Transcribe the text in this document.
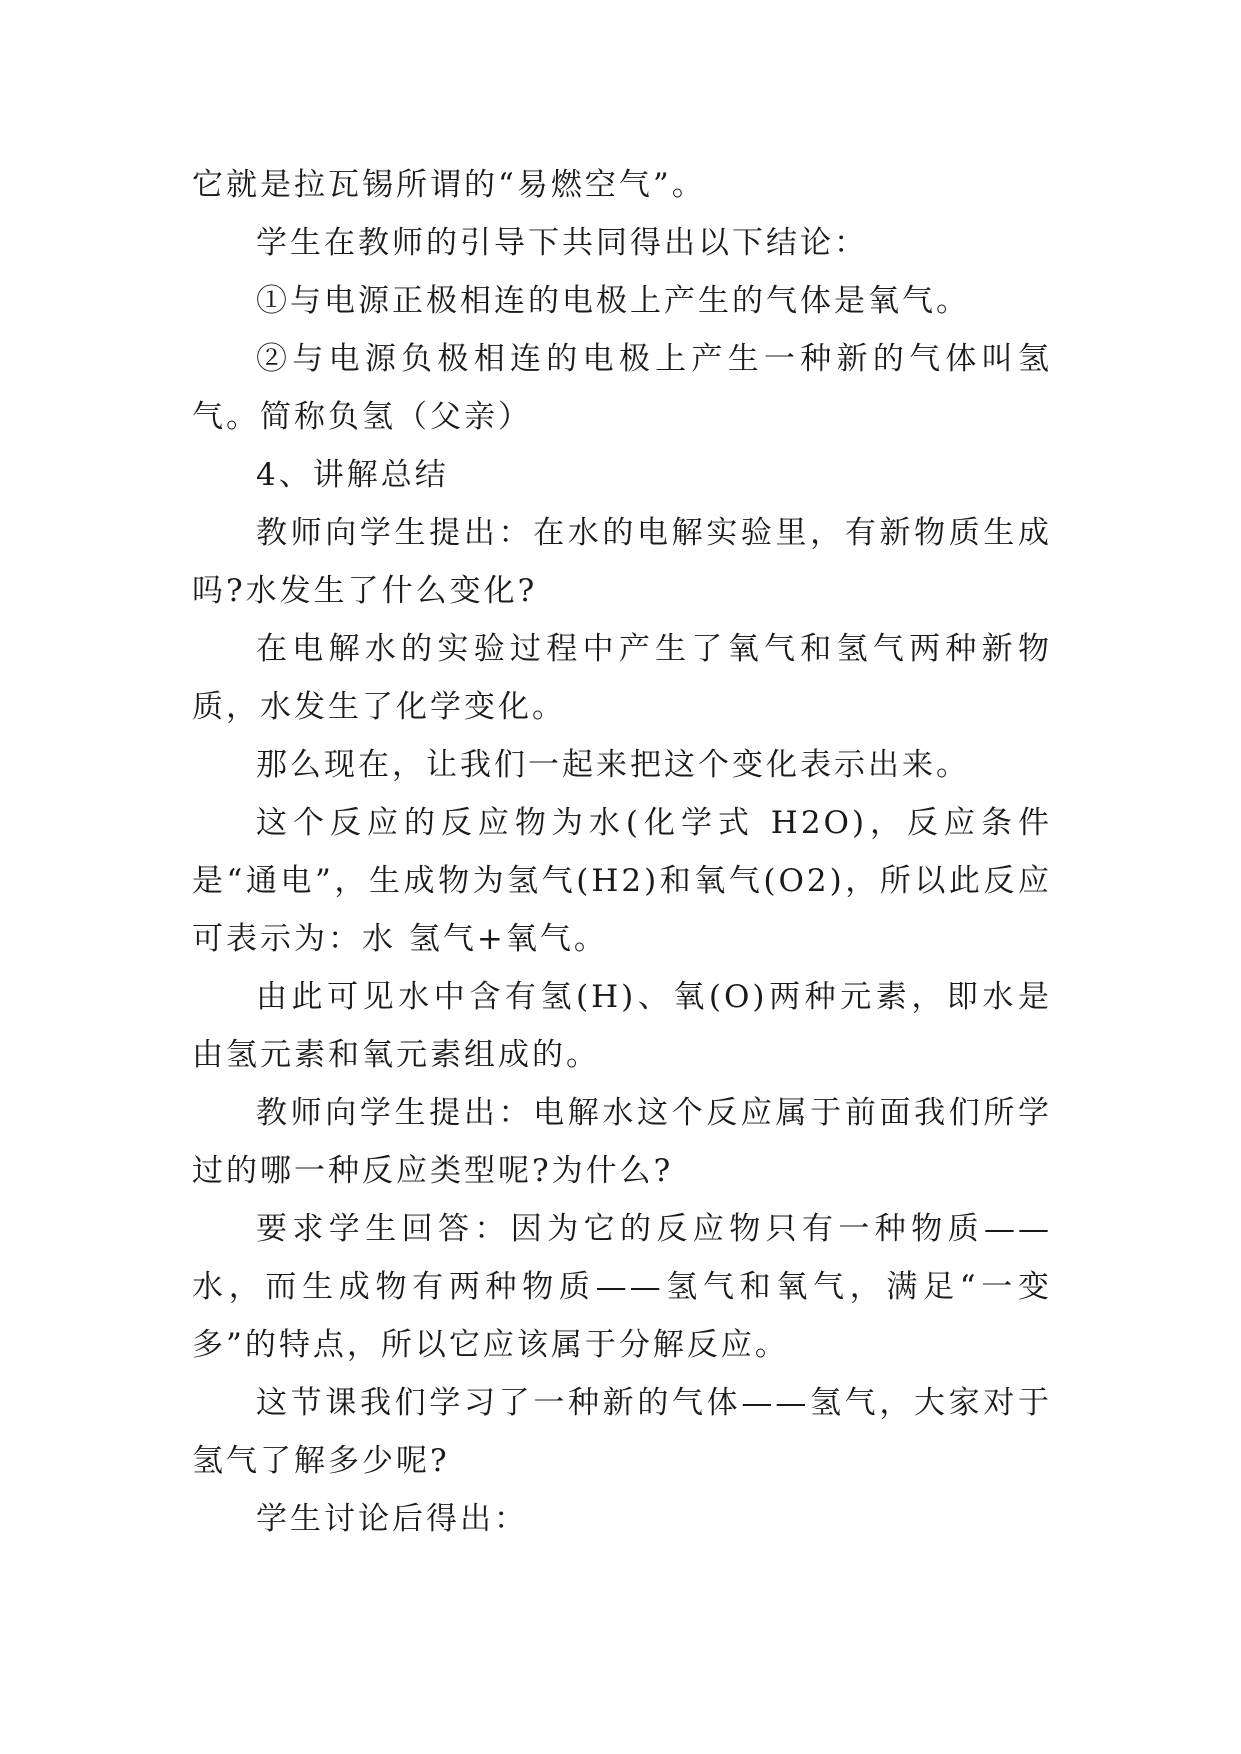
它就是拉瓦锡所谓的“易燃空气”。

学生在教师的引导下共同得出以下结论：

①与电源正极相连的电极上产生的气体是氧气。

②与电源负极相连的电极上产生一种新的气体叫氢气。简称负氢（父亲）

4、讲解总结

教师向学生提出：在水的电解实验里，有新物质生成吗?水发生了什么变化?

在电解水的实验过程中产生了氧气和氢气两种新物质，水发生了化学变化。

那么现在，让我们一起来把这个变化表示出来。

这个反应的反应物为水(化学式 H2O)，反应条件是“通电”，生成物为氢气(H2)和氧气(O2)，所以此反应可表示为：水 氢气+氧气。

由此可见水中含有氢(H)、氧(O)两种元素，即水是由氢元素和氧元素组成的。

教师向学生提出：电解水这个反应属于前面我们所学过的哪一种反应类型呢?为什么?

要求学生回答：因为它的反应物只有一种物质——水，而生成物有两种物质——氢气和氧气，满足“一变多”的特点，所以它应该属于分解反应。

这节课我们学习了一种新的气体——氢气，大家对于氢气了解多少呢?

学生讨论后得出：
